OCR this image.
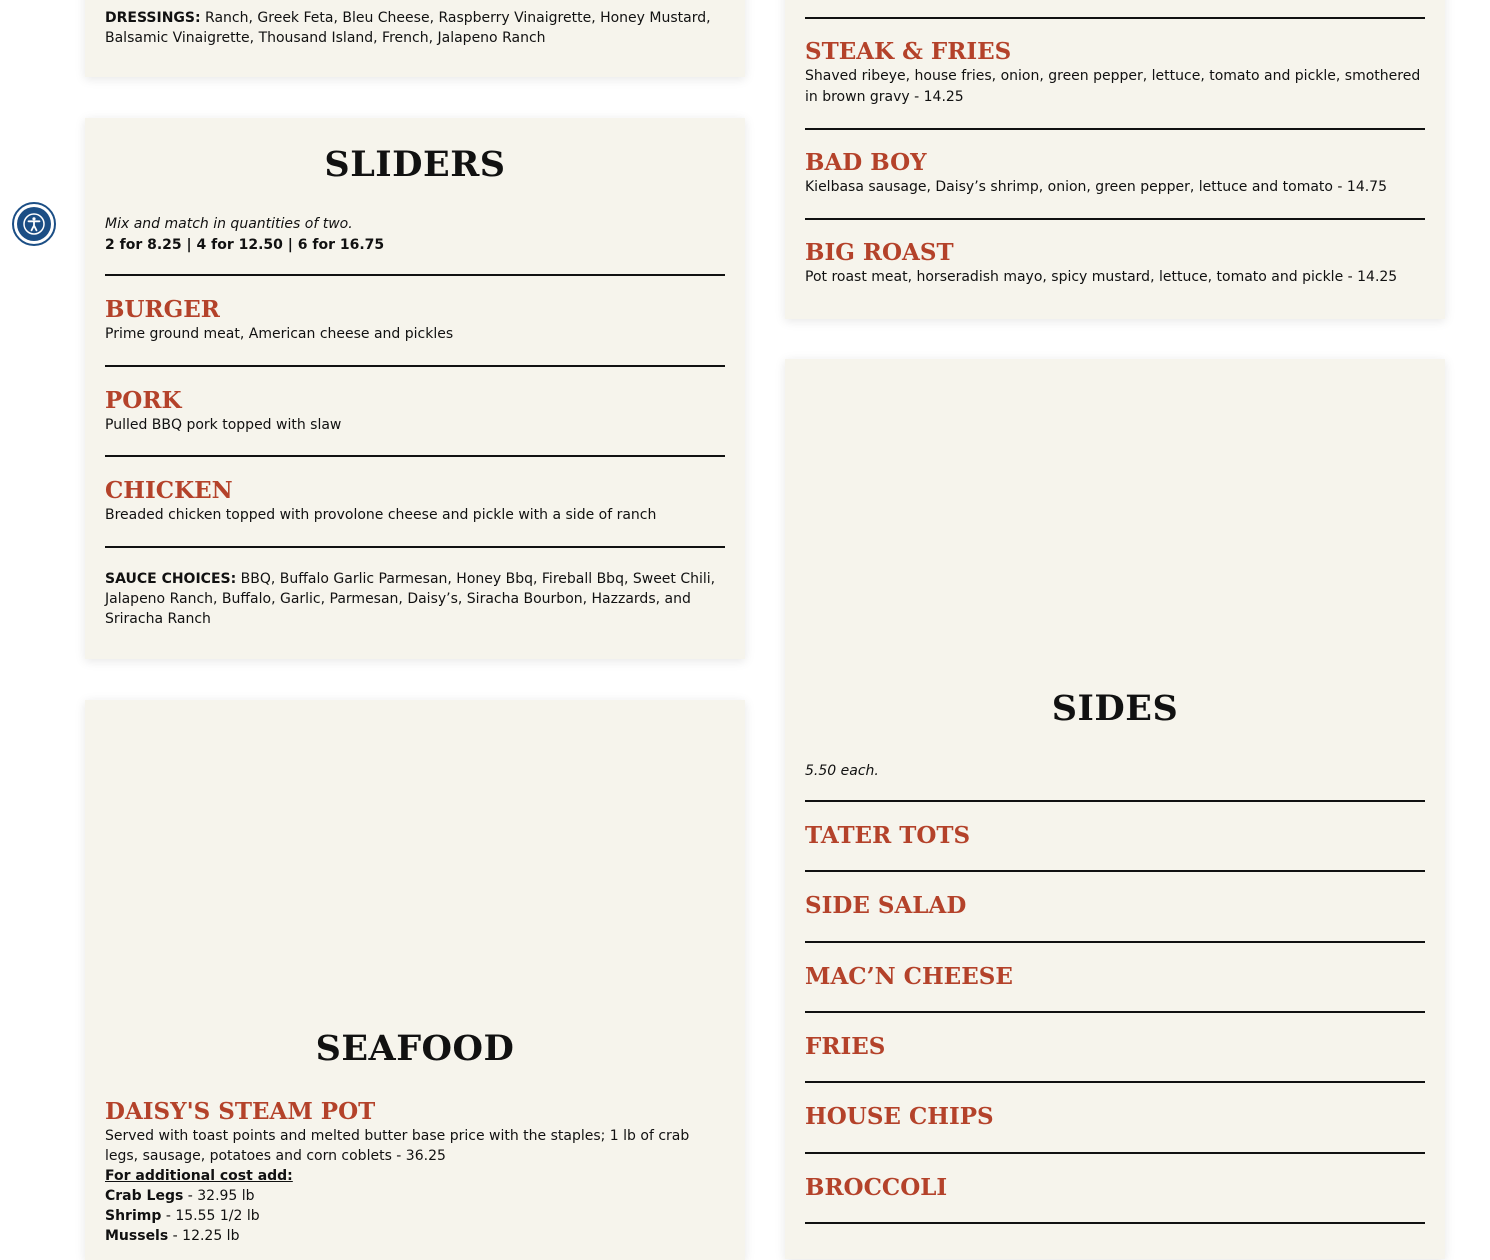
DRESSINGS: Ranch, Greek Feta, Bleu Cheese, Raspberry Vinaigrette, Honey Mustard, Balsamic Vinaigrette, Thousand Island, French, Jalapeno Ranch

SLIDERS

Mix and match in quantities of two.

2 for 8.25 | 4 for 12.50 | 6 for 16.75

BURGER

Prime ground meat, American cheese and pickles

PORK

Pulled BBQ pork topped with slaw

CHICKEN

Breaded chicken topped with provolone cheese and pickle with a side of ranch

SAUCE CHOICES: BBQ, Buffalo Garlic Parmesan, Honey Bbq, Fireball Bbq, Sweet Chili, Jalapeno Ranch, Buffalo, Garlic, Parmesan, Daisy’s, Siracha Bourbon, Hazzards, and Sriracha Ranch

STEAK & FRIES

Shaved ribeye, house fries, onion, green pepper, lettuce, tomato and pickle, smothered in brown gravy - 14.25

BAD BOY

Kielbasa sausage, Daisy’s shrimp, onion, green pepper, lettuce and tomato - 14.75

BIG ROAST

Pot roast meat, horseradish mayo, spicy mustard, lettuce, tomato and pickle - 14.25

SEAFOOD

DAISY'S STEAM POT

Served with toast points and melted butter base price with the staples; 1 lb of crab legs, sausage, potatoes and corn coblets - 36.25

For additional cost add:

Crab Legs - 32.95 lb

Shrimp - 15.55 1/2 lb

Mussels - 12.25 lb

SIDES

5.50 each.

TATER TOTS

SIDE SALAD

MAC’N CHEESE

FRIES

HOUSE CHIPS

BROCCOLI
